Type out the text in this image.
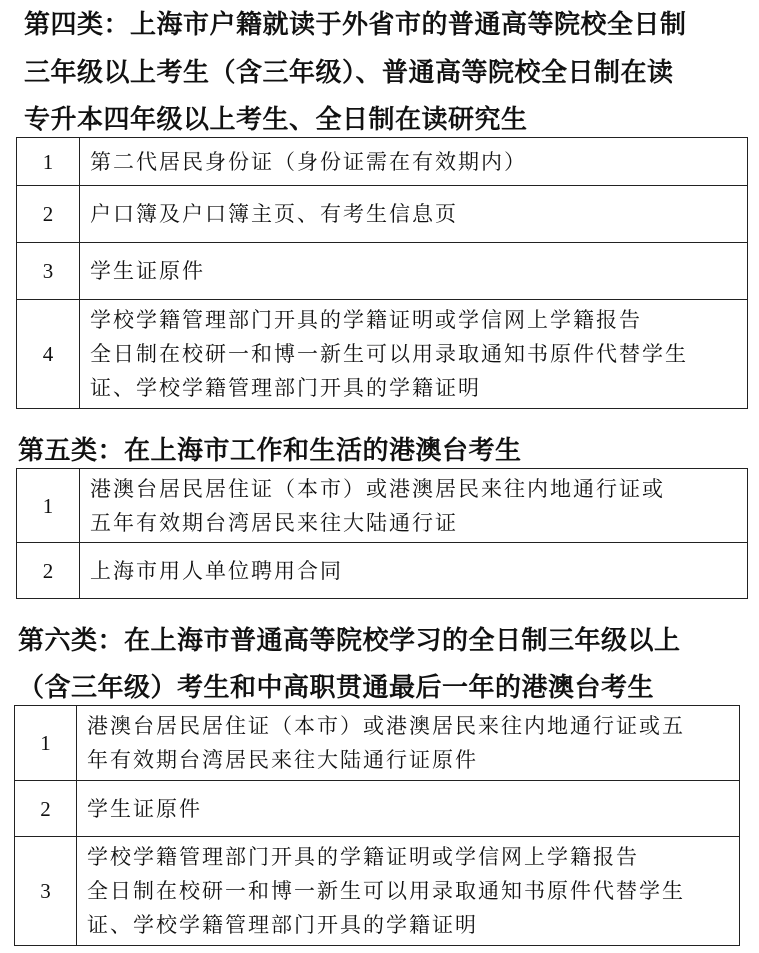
第四类：上海市户籍就读于外省市的普通高等院校全日制
三年级以上考生（含三年级）、普通高等院校全日制在读
专升本四年级以上考生、全日制在读研究生
1	第二代居民身份证（身份证需在有效期内）

2	户口簿及户口簿主页、有考生信息页

3	学生证原件

4	学校学籍管理部门开具的学籍证明或学信网上学籍报告
全日制在校研一和博一新生可以用录取通知书原件代替学生
证、学校学籍管理部门开具的学籍证明
第五类：在上海市工作和生活的港澳台考生
1	港澳台居民居住证（本市）或港澳居民来往内地通行证或
五年有效期台湾居民来往大陆通行证

2	上海市用人单位聘用合同
第六类：在上海市普通高等院校学习的全日制三年级以上
（含三年级）考生和中高职贯通最后一年的港澳台考生
1	港澳台居民居住证（本市）或港澳居民来往内地通行证或五
年有效期台湾居民来往大陆通行证原件

2	学生证原件

3	学校学籍管理部门开具的学籍证明或学信网上学籍报告
全日制在校研一和博一新生可以用录取通知书原件代替学生
证、学校学籍管理部门开具的学籍证明
